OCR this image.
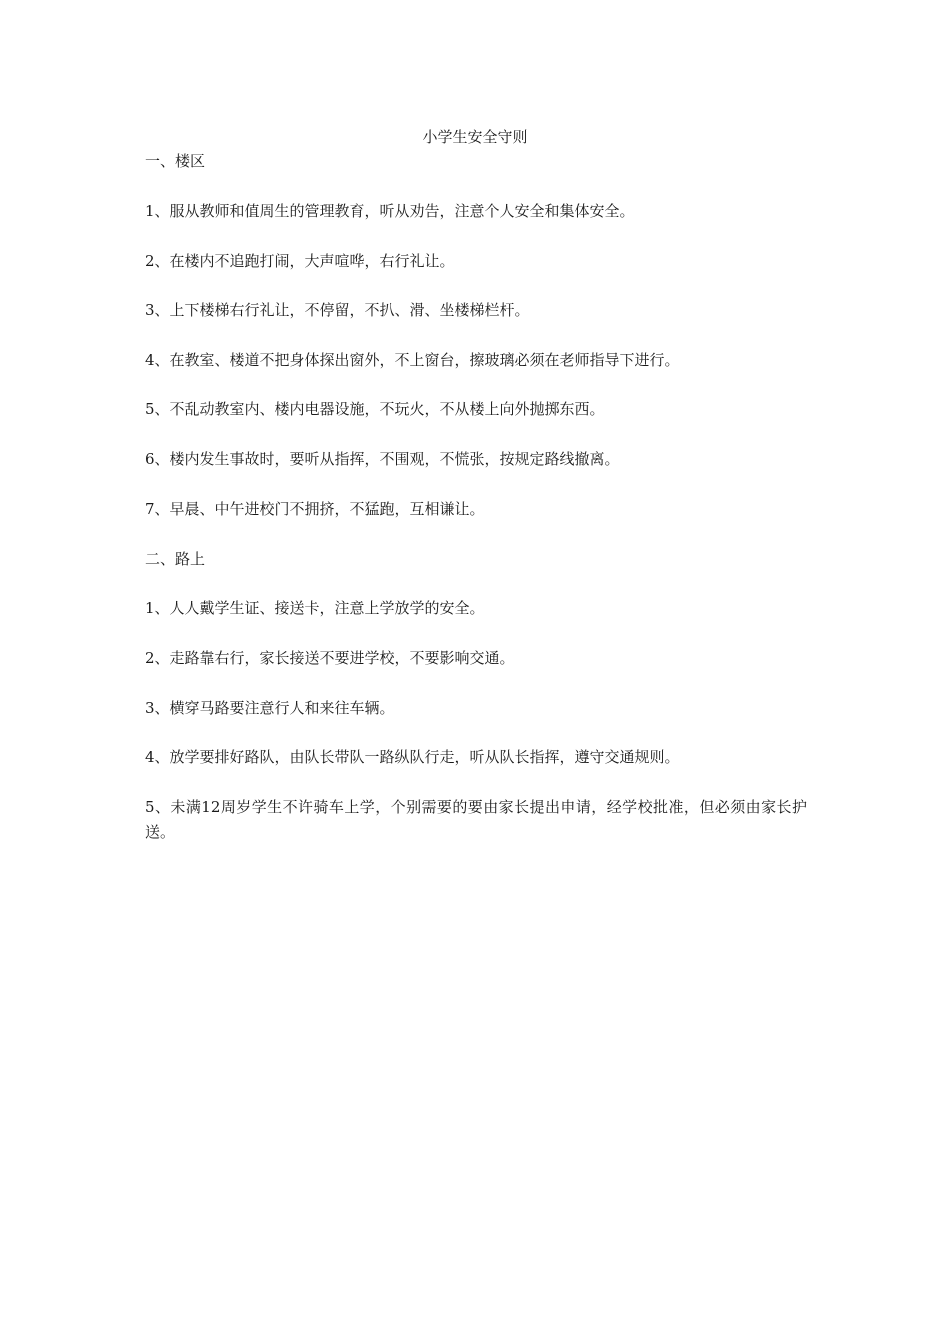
小学生安全守则
一、楼区
1、服从教师和值周生的管理教育，听从劝告，注意个人安全和集体安全。
2、在楼内不追跑打闹，大声喧哗，右行礼让。
3、上下楼梯右行礼让，不停留，不扒、滑、坐楼梯栏杆。
4、在教室、楼道不把身体探出窗外，不上窗台，擦玻璃必须在老师指导下进行。
5、不乱动教室内、楼内电器设施，不玩火，不从楼上向外抛掷东西。
6、楼内发生事故时，要听从指挥，不围观，不慌张，按规定路线撤离。
7、早晨、中午进校门不拥挤，不猛跑，互相谦让。
二、路上
1、人人戴学生证、接送卡，注意上学放学的安全。
2、走路靠右行，家长接送不要进学校，不要影响交通。
3、横穿马路要注意行人和来往车辆。
4、放学要排好路队，由队长带队一路纵队行走，听从队长指挥，遵守交通规则。
5、未满12周岁学生不许骑车上学，个别需要的要由家长提出申请，经学校批准，但必须由家长护送。
